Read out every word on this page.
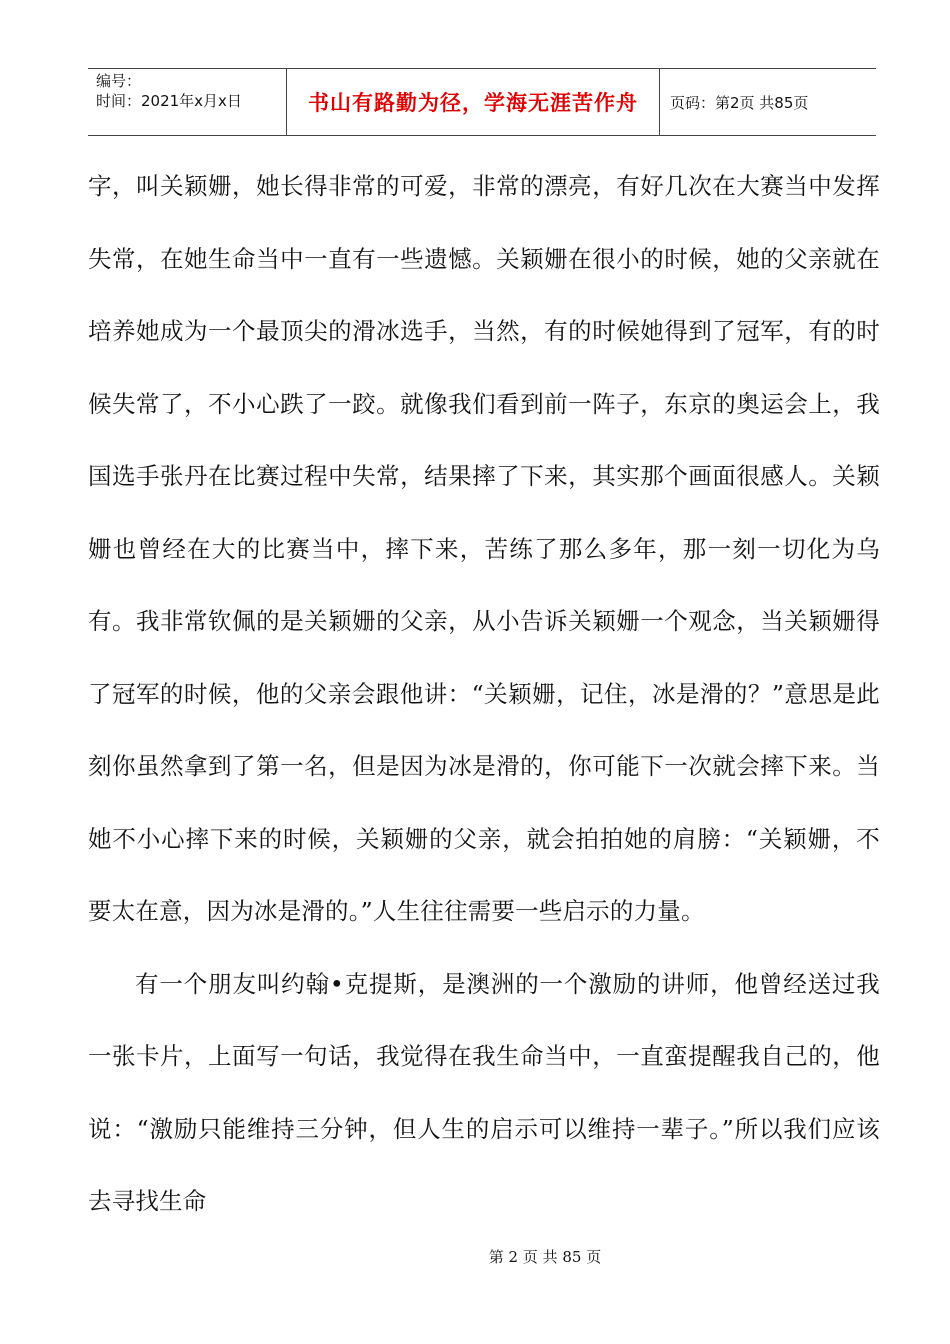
编号：
时间：2021年x月x日	书山有路勤为径，学海无涯苦作舟 页码：第2页 共85页

字，叫关颖姗，她长得非常的可爱，非常的漂亮，有好几次在大赛当中发挥失常，在她生命当中一直有一些遗憾。关颖姗在很小的时候，她的父亲就在培养她成为一个最顶尖的滑冰选手，当然，有的时候她得到了冠军，有的时候失常了，不小心跌了一跤。就像我们看到前一阵子，东京的奥运会上，我国选手张丹在比赛过程中失常，结果摔了下来，其实那个画面很感人。关颖姗也曾经在大的比赛当中，摔下来，苦练了那么多年，那一刻一切化为乌有。我非常钦佩的是关颖姗的父亲，从小告诉关颖姗一个观念，当关颖姗得了冠军的时候，他的父亲会跟他讲：“关颖姗，记住，冰是滑的？”意思是此刻你虽然拿到了第一名，但是因为冰是滑的，你可能下一次就会摔下来。当她不小心摔下来的时候，关颖姗的父亲，就会拍拍她的肩膀：“关颖姗，不要太在意，因为冰是滑的。”人生往往需要一些启示的力量。

有一个朋友叫约翰•克提斯，是澳洲的一个激励的讲师，他曾经送过我一张卡片，上面写一句话，我觉得在我生命当中，一直蛮提醒我自己的，他说：“激励只能维持三分钟，但人生的启示可以维持一辈子。”所以我们应该去寻找生命

第 2 页 共 85 页
